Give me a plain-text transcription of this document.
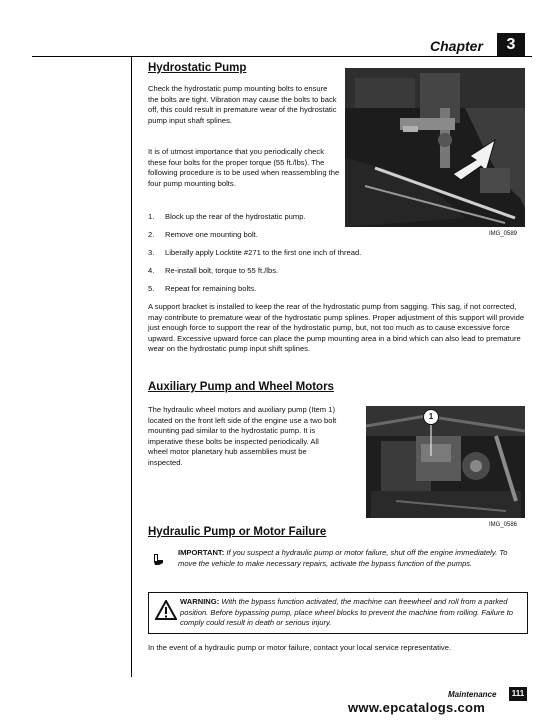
Chapter	3
Hydrostatic Pump

Check the hydrostatic pump mounting bolts to ensure the bolts are tight. Vibration may cause the bolts to back off, this could result in premature wear of the hydrostatic pump input shaft splines.

It is of utmost importance that you periodically check these four bolts for the proper torque (55 ft./lbs). The following procedure is to be used when reassembling the four pump mounting bolts.

1. Block up the rear of the hydrostatic pump.
2. Remove one mounting bolt.
3. Liberally apply Locktite #271 to the first one inch of thread.
4. Re-install bolt, torque to 55 ft./lbs.
5. Repeat for remaining bolts.
IMG_0589

A support bracket is installed to keep the rear of the hydrostatic pump from sagging. This sag, if not corrected, may contribute to premature wear of the hydrostatic pump splines. Proper adjustment of this support will provide just enough force to support the rear of the hydrostatic pump, but, not too much as to cause excessive force upward. Excessive upward force can place the pump mounting area in a bind which can also lead to premature wear on the hydrostatic pump input shift splines.

Auxiliary Pump and Wheel Motors

The hydraulic wheel motors and auxiliary pump (Item 1) located on the front left side of the engine use a two bolt mounting pad similar to the hydrostatic pump. It is imperative these bolts be inspected periodically. All wheel motor planetary hub assemblies must be inspected.

1
IMG_0586
Hydraulic Pump or Motor Failure

IMPORTANT: If you suspect a hydraulic pump or motor failure, shut off the engine immediately. To move the vehicle to make necessary repairs, activate the bypass function of the pumps.

WARNING: With the bypass function activated, the machine can freewheel and roll from a parked position. Before bypassing pump, place wheel blocks to prevent the machine from rolling. Failure to comply could result in death or serious injury.

In the event of a hydraulic pump or motor failure, contact your local service representative.

Maintenance	111
www.epcatalogs.com
